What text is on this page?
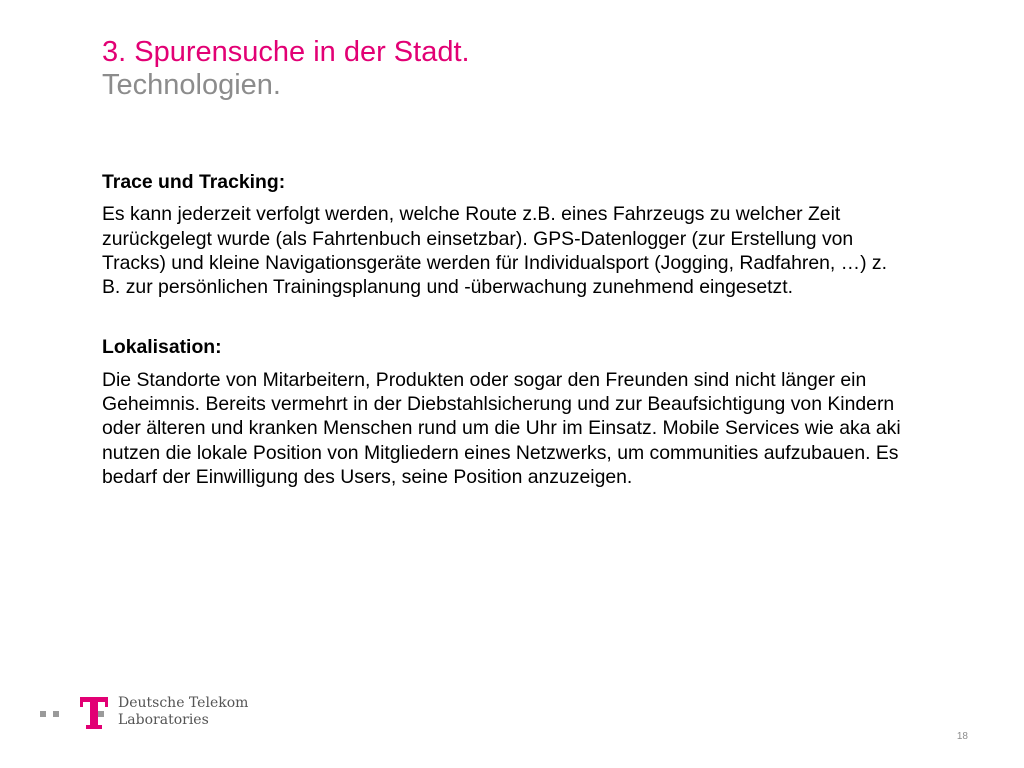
3. Spurensuche in der Stadt.
Technologien.

Trace und Tracking:

Es kann jederzeit verfolgt werden, welche Route z.B. eines Fahrzeugs zu welcher Zeit zurückgelegt wurde (als Fahrtenbuch einsetzbar). GPS-Datenlogger (zur Erstellung von Tracks) und kleine Navigationsgeräte werden für Individualsport (Jogging, Radfahren, …) z. B. zur persönlichen Trainingsplanung und -überwachung zunehmend eingesetzt.

Lokalisation:

Die Standorte von Mitarbeitern, Produkten oder sogar den Freunden sind nicht länger ein Geheimnis. Bereits vermehrt in der Diebstahlsicherung und zur Beaufsichtigung von Kindern oder älteren und kranken Menschen rund um die Uhr im Einsatz. Mobile Services wie aka aki nutzen die lokale Position von Mitgliedern eines Netzwerks, um communities aufzubauen. Es bedarf der Einwilligung des Users, seine Position anzuzeigen.

Deutsche Telekom
Laboratories
18
